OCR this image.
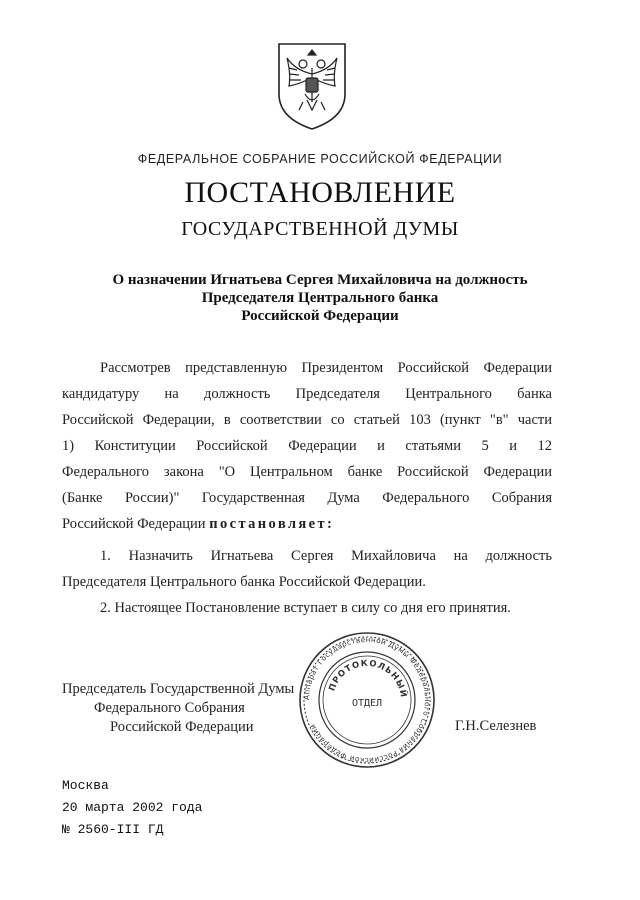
ФЕДЕРАЛЬНОЕ СОБРАНИЕ РОССИЙСКОЙ ФЕДЕРАЦИИ
ПОСТАНОВЛЕНИЕ
ГОСУДАРСТВЕННОЙ ДУМЫ
О назначении Игнатьева Сергея Михайловича на должность
Председателя Центрального банка
Российской Федерации
Рассмотрев представленную Президентом Российской Федерации
кандидатуру на должность Председателя Центрального банка
Российской Федерации, в соответствии со статьей 103 (пункт "в" части
1) Конституции Российской Федерации и статьями 5 и 12
Федерального закона "О Центральном банке Российской Федерации
(Банке России)" Государственная Дума Федерального Собрания
Российской Федерации постановляет:
1. Назначить Игнатьева Сергея Михайловича на должность
Председателя Центрального банка Российской Федерации.
2. Настоящее Постановление вступает в силу со дня его принятия.
Председатель Государственной Думы
Федерального Собрания
Российской Федерации
Аппарат Государственной Думы Федерального Собрания Российской Федерации
ПРОТОКОЛЬНЫЙ
ОТДЕЛ
Г.Н.Селезнев
Москва
20 марта 2002 года
№ 2560-III ГД
